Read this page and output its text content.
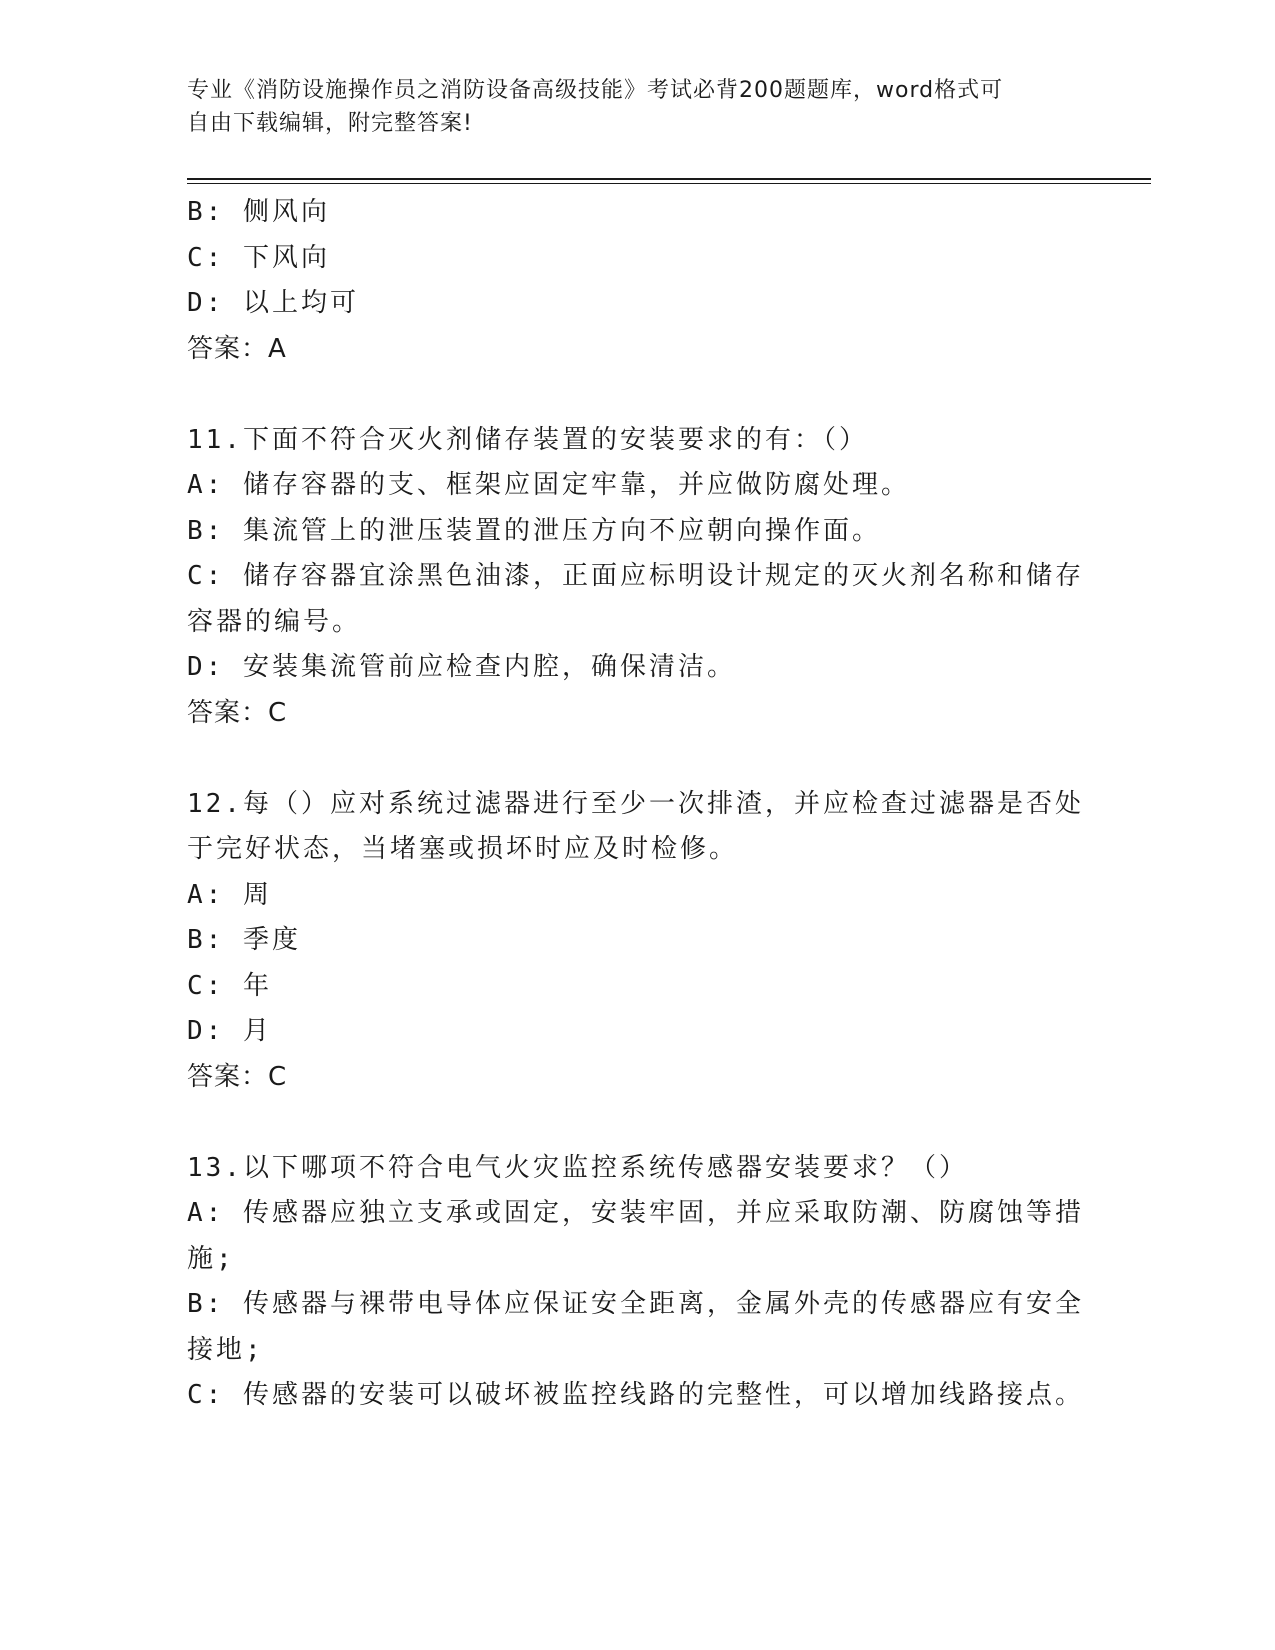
专业《消防设施操作员之消防设备高级技能》考试必背200题题库，word格式可
自由下载编辑，附完整答案!
B: 侧风向
C: 下风向
D: 以上均可
答案：A
11.下面不符合灭火剂储存装置的安装要求的有：（）
A: 储存容器的支、框架应固定牢靠，并应做防腐处理。
B: 集流管上的泄压装置的泄压方向不应朝向操作面。
C: 储存容器宜涂黑色油漆，正面应标明设计规定的灭火剂名称和储存
容器的编号。
D: 安装集流管前应检查内腔，确保清洁。
答案：C
12.每（）应对系统过滤器进行至少一次排渣，并应检查过滤器是否处
于完好状态，当堵塞或损坏时应及时检修。
A: 周
B: 季度
C: 年
D: 月
答案：C
13.以下哪项不符合电气火灾监控系统传感器安装要求？（）
A: 传感器应独立支承或固定，安装牢固，并应采取防潮、防腐蚀等措
施;
B: 传感器与裸带电导体应保证安全距离，金属外壳的传感器应有安全
接地;
C: 传感器的安装可以破坏被监控线路的完整性，可以增加线路接点。
